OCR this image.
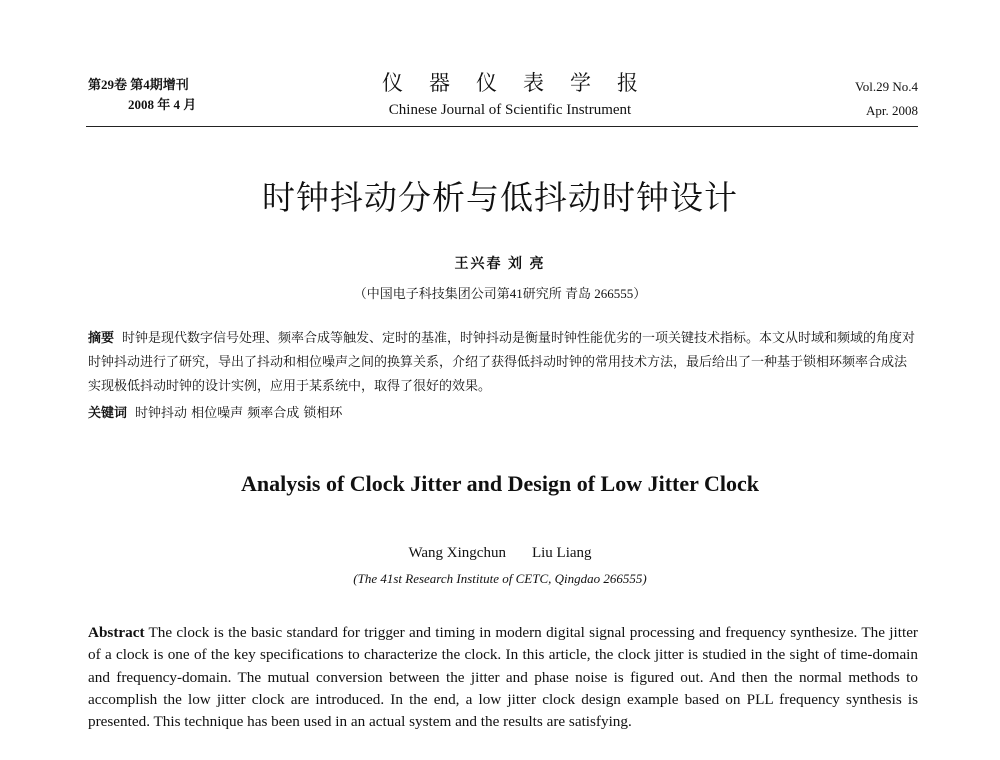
第29卷 第4期增刊
2008 年 4 月
仪器仪表学报
Chinese Journal of Scientific Instrument
Vol.29 No.4
Apr. 2008
时钟抖动分析与低抖动时钟设计
王兴春 刘 亮
（中国电子科技集团公司第41研究所 青岛 266555）
摘要 时钟是现代数字信号处理、频率合成等触发、定时的基准，时钟抖动是衡量时钟性能优劣的一项关键技术指标。本文从时域和频域的角度对时钟抖动进行了研究，导出了抖动和相位噪声之间的换算关系，介绍了获得低抖动时钟的常用技术方法，最后给出了一种基于锁相环频率合成法实现极低抖动时钟的设计实例，应用于某系统中，取得了很好的效果。
关键词 时钟抖动 相位噪声 频率合成 锁相环
Analysis of Clock Jitter and Design of Low Jitter Clock
Wang Xingchun Liu Liang
(The 41st Research Institute of CETC, Qingdao 266555)
Abstract The clock is the basic standard for trigger and timing in modern digital signal processing and frequency synthesize. The jitter of a clock is one of the key specifications to characterize the clock. In this article, the clock jitter is studied in the sight of time-domain and frequency-domain. The mutual conversion between the jitter and phase noise is figured out. And then the normal methods to accomplish the low jitter clock are introduced. In the end, a low jitter clock design example based on PLL frequency synthesis is presented. This technique has been used in an actual system and the results are satisfying.
